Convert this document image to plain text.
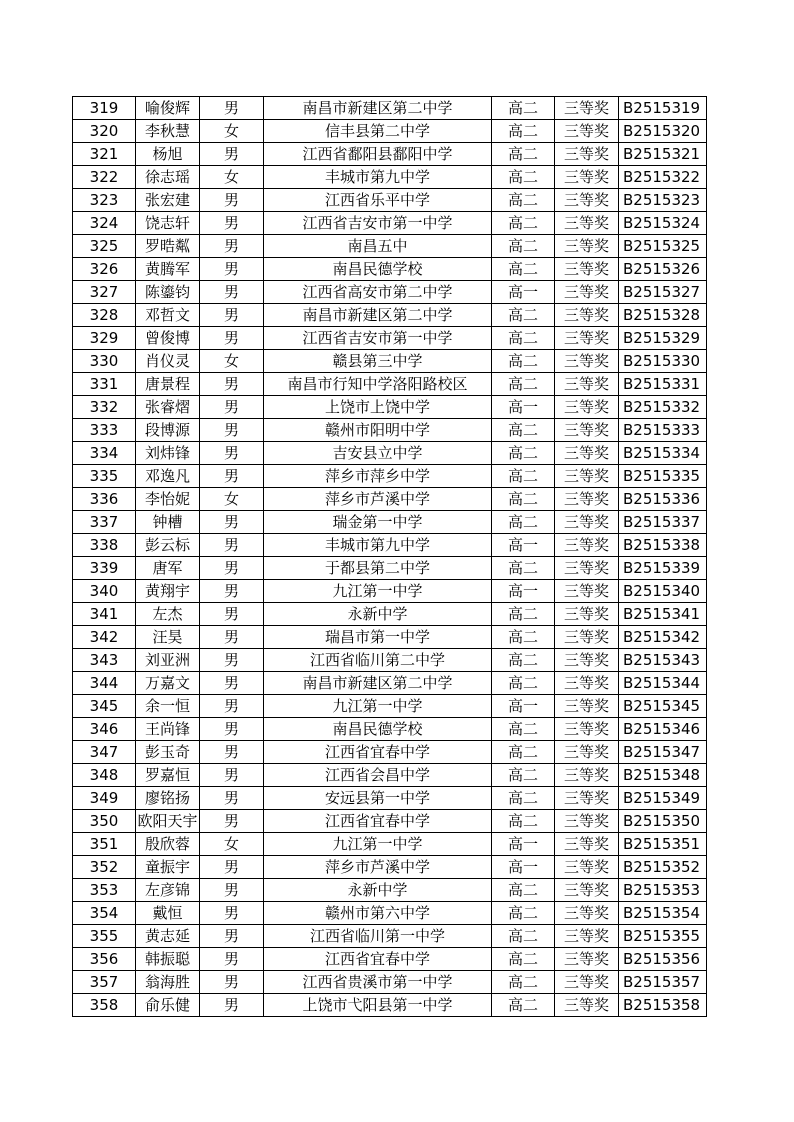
319	喻俊辉	男	南昌市新建区第二中学	高二	三等奖	B2515319
320	李秋慧	女	信丰县第二中学	高二	三等奖	B2515320
321	杨旭	男	江西省鄱阳县鄱阳中学	高二	三等奖	B2515321
322	徐志瑶	女	丰城市第九中学	高二	三等奖	B2515322
323	张宏建	男	江西省乐平中学	高二	三等奖	B2515323
324	饶志轩	男	江西省吉安市第一中学	高二	三等奖	B2515324
325	罗晧粼	男	南昌五中	高二	三等奖	B2515325
326	黄腾军	男	南昌民德学校	高二	三等奖	B2515326
327	陈鎏钧	男	江西省高安市第二中学	高一	三等奖	B2515327
328	邓哲文	男	南昌市新建区第二中学	高二	三等奖	B2515328
329	曾俊博	男	江西省吉安市第一中学	高二	三等奖	B2515329
330	肖仪灵	女	赣县第三中学	高二	三等奖	B2515330
331	唐景程	男	南昌市行知中学洛阳路校区	高二	三等奖	B2515331
332	张睿熠	男	上饶市上饶中学	高一	三等奖	B2515332
333	段博源	男	赣州市阳明中学	高二	三等奖	B2515333
334	刘炜锋	男	吉安县立中学	高二	三等奖	B2515334
335	邓逸凡	男	萍乡市萍乡中学	高二	三等奖	B2515335
336	李怡妮	女	萍乡市芦溪中学	高二	三等奖	B2515336
337	钟槽	男	瑞金第一中学	高二	三等奖	B2515337
338	彭云标	男	丰城市第九中学	高一	三等奖	B2515338
339	唐军	男	于都县第二中学	高二	三等奖	B2515339
340	黄翔宇	男	九江第一中学	高一	三等奖	B2515340
341	左杰	男	永新中学	高二	三等奖	B2515341
342	汪昊	男	瑞昌市第一中学	高二	三等奖	B2515342
343	刘亚洲	男	江西省临川第二中学	高二	三等奖	B2515343
344	万嘉文	男	南昌市新建区第二中学	高二	三等奖	B2515344
345	余一恒	男	九江第一中学	高一	三等奖	B2515345
346	王尚锋	男	南昌民德学校	高二	三等奖	B2515346
347	彭玉奇	男	江西省宜春中学	高二	三等奖	B2515347
348	罗嘉恒	男	江西省会昌中学	高二	三等奖	B2515348
349	廖铭扬	男	安远县第一中学	高二	三等奖	B2515349
350	欧阳天宇	男	江西省宜春中学	高二	三等奖	B2515350
351	殷欣蓉	女	九江第一中学	高一	三等奖	B2515351
352	童振宇	男	萍乡市芦溪中学	高一	三等奖	B2515352
353	左彦锦	男	永新中学	高二	三等奖	B2515353
354	戴恒	男	赣州市第六中学	高二	三等奖	B2515354
355	黄志延	男	江西省临川第一中学	高二	三等奖	B2515355
356	韩振聪	男	江西省宜春中学	高二	三等奖	B2515356
357	翁海胜	男	江西省贵溪市第一中学	高二	三等奖	B2515357
358	俞乐健	男	上饶市弋阳县第一中学	高二	三等奖	B2515358
